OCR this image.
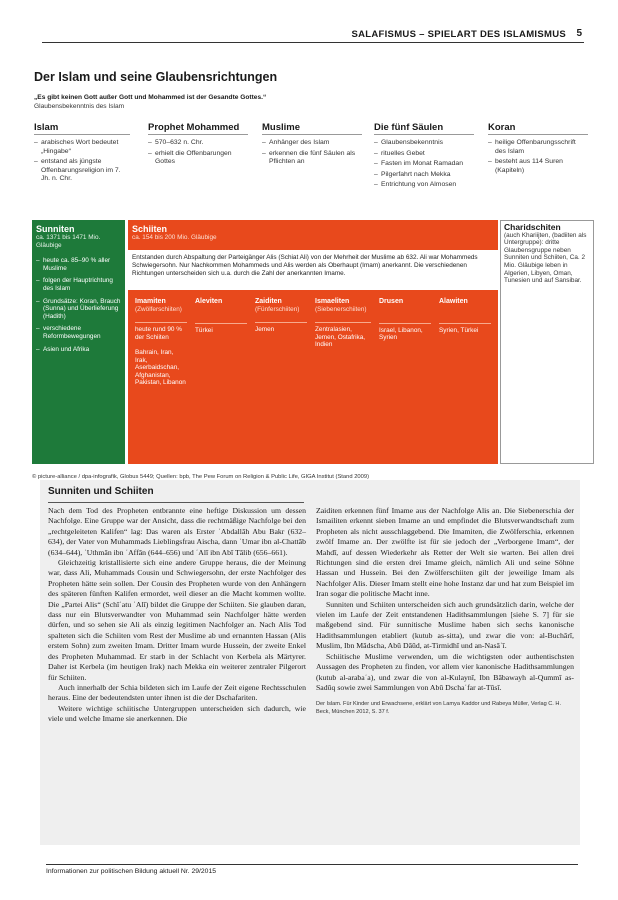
SALAFISMUS – SPIELART DES ISLAMISMUS 5
Der Islam und seine Glaubensrichtungen
„Es gibt keinen Gott außer Gott und Mohammed ist der Gesandte Gottes.“
Glaubensbekenntnis des Islam
Islam
– arabisches Wort bedeutet „Hingabe“
– entstand als jüngste Offenbarungsreligion im 7. Jh. n. Chr.
Prophet Mohammed
– 570–632 n. Chr.
– erhielt die Offenbarungen Gottes
Muslime
– Anhänger des Islam
– erkennen die fünf Säulen als Pflichten an
Die fünf Säulen
– Glaubensbekenntnis
– rituelles Gebet
– Fasten im Monat Ramadan
– Pilgerfahrt nach Mekka
– Entrichtung von Almosen
Koran
– heilige Offenbarungsschrift des Islam
– besteht aus 114 Suren (Kapiteln)
Sunniten
ca. 1371 bis 1471 Mio. Gläubige
– heute ca. 85–90 % aller Muslime
– folgen der Hauptrichtung des Islam
– Grundsätze: Koran, Brauch (Sunna) und Überlieferung (Hadith)
– verschiedene Reformbewegungen
– Asien und Afrika
Schiiten
ca. 154 bis 200 Mio. Gläubige
Entstanden durch Abspaltung der Parteigänger Alis (Schiat Ali) von der Mehrheit der Muslime ab 632. Ali war Mohammeds Schwiegersohn. Nur Nachkommen Mohammeds und Alis werden als Oberhaupt (Imam) anerkannt. Die verschiedenen Richtungen unterscheiden sich u.a. durch die Zahl der anerkannten Imame.
Imamiten
(Zwölferschiiten)
heute rund 90 % der Schiiten

Bahrain, Iran, Irak, Aserbaidschan, Afghanistan, Pakistan, Libanon
Aleviten
Türkei
Zaiditen
(Fünferschiiten)
Jemen
Ismaeliten
(Siebenerschiiten)
Zentralasien, Jemen, Ostafrika, Indien
Drusen
Israel, Libanon, Syrien
Alawiten
Syrien, Türkei
Charidschiten
(auch Khariijten, (badiiten als Untergruppe): dritte Glaubensgruppe neben Sunniten und Schiiten, Ca. 2 Mio. Gläubige leben in Algerien, Libyen, Oman, Tunesien und auf Sansibar.
© picture-alliance / dpa-infografik, Globus 5449; Quellen: bpb, The Pew Forum on Religion & Public Life, GIGA Institut (Stand 2009)
Sunniten und Schiiten

Nach dem Tod des Propheten entbrannte eine heftige Diskussion um dessen Nachfolge. Eine Gruppe war der Ansicht, dass die rechtmäßige Nachfolge bei den „rechtgeleiteten Kalifen“ lag: Das waren als Erster ʿAbdallāh Abu Bakr (632–634), der Vater von Muhammads Lieblingsfrau Aischa, dann ʿUmar ibn al-Chattāb (634–644), ʿUthmān ibn ʿAffān (644–656) und ʿAlī ibn Abī Tālib (656–661).

Gleichzeitig kristallisierte sich eine andere Gruppe heraus, die der Meinung war, dass Ali, Muhammads Cousin und Schwiegersohn, der erste Nachfolger des Propheten hätte sein sollen. Der Cousin des Propheten wurde von den Anhängern des späteren fünften Kalifen ermordet, weil dieser an die Macht kommen wollte. Die „Partei Alis“ (Schīʿatu ʿAlī) bildet die Gruppe der Schiiten. Sie glauben daran, dass nur ein Blutsverwandter von Muhammad sein Nachfolger hätte werden dürfen, und so sehen sie Ali als einzig legitimen Nachfolger an. Nach Alis Tod spalteten sich die Schiiten vom Rest der Muslime ab und ernannten Hassan (Alis erstem Sohn) zum zweiten Imam. Dritter Imam wurde Hussein, der zweite Enkel des Propheten Muhammad. Er starb in der Schlacht von Kerbela als Märtyrer. Daher ist Kerbela (im heutigen Irak) nach Mekka ein weiterer zentraler Pilgerort für Schiiten.

Auch innerhalb der Schia bildeten sich im Laufe der Zeit eigene Rechtsschulen heraus. Eine der bedeutendsten unter ihnen ist die der Dschafariten.

Weitere wichtige schiitische Untergruppen unterscheiden sich dadurch, wie viele und welche Imame sie anerkennen. Die

Zaiditen erkennen fünf Imame aus der Nachfolge Alis an. Die Siebenerschia der Ismailiten erkennt sieben Imame an und empfindet die Blutsverwandtschaft zum Propheten als nicht ausschlaggebend. Die Imamiten, die Zwölferschia, erkennen zwölf Imame an. Der zwölfte ist für sie jedoch der „Verborgene Imam“, der Mahdī, auf dessen Wiederkehr als Retter der Welt sie warten. Bei allen drei Richtungen sind die ersten drei Imame gleich, nämlich Ali und seine Söhne Hassan und Hussein. Bei den Zwölferschiiten gilt der jeweilige Imam als Nachfolger Alis. Dieser Imam stellt eine hohe Instanz dar und hat zum Beispiel im Iran sogar die politische Macht inne.

Sunniten und Schiiten unterscheiden sich auch grundsätzlich darin, welche der vielen im Laufe der Zeit entstandenen Hadithsammlungen [siehe S. 7] für sie maßgebend sind. Für sunnitische Muslime haben sich sechs kanonische Hadithsammlungen etabliert (kutub as-sitta), und zwar die von: al-Buchārī, Muslim, Ibn Mādscha, Abū Dāūd, at-Tirmidhī und an-Nasāʾī.

Schiitische Muslime verwenden, um die wichtigsten oder authentischsten Aussagen des Propheten zu finden, vor allem vier kanonische Hadithsammlungen (kutub al-arabaʿa), und zwar die von al-Kulaynī, Ibn Bābawayh al-Qummī as-Sadūq sowie zwei Sammlungen von Abū Dschaʿfar at-Tūsī.

Der Islam. Für Kinder und Erwachsene, erklärt von Lamya Kaddor und Rabeya Müller, Verlag C. H. Beck, München 2012, S. 37 f.

Informationen zur politischen Bildung aktuell Nr. 29/2015
